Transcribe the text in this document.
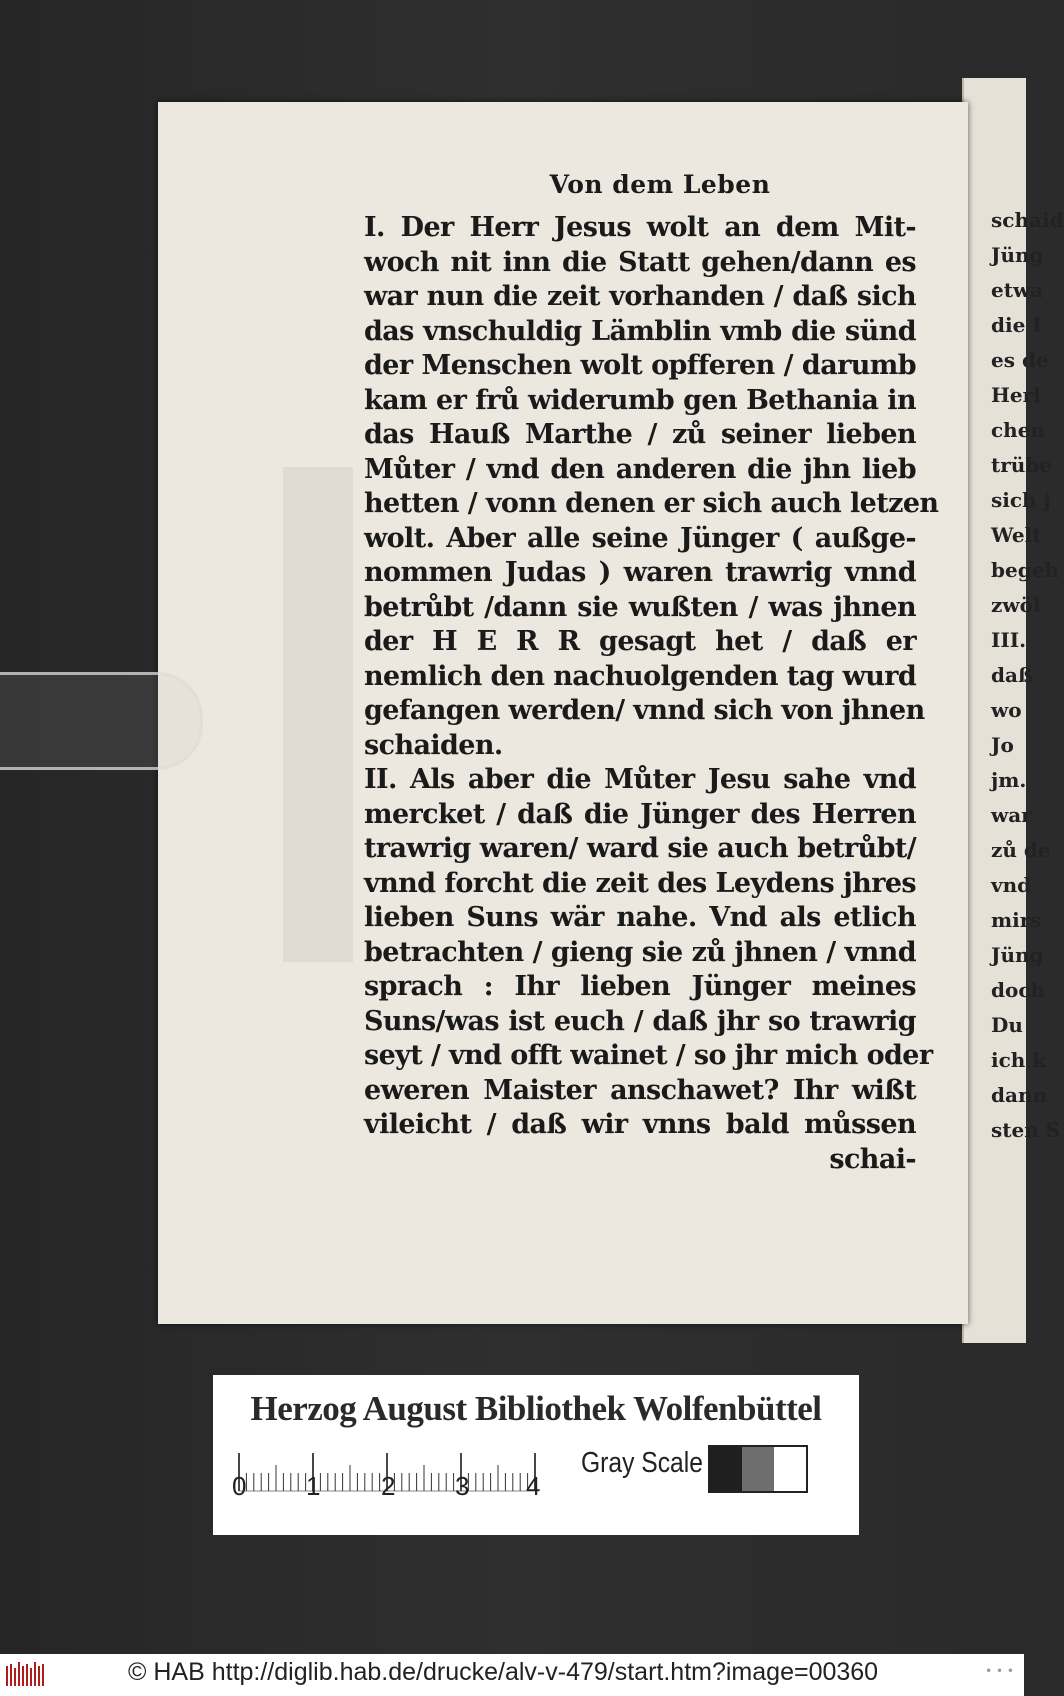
schaid
Jüng
etwa
die I
es de
Herl
chen
trübe
sich j
Welt
begeh
zwöl
III.
daß
wo
Jo
jm.
war
zů de
vnd
mirs
Jüng
doch
Du
ich k
dann
sten S
Von dem Leben
I. Der Herr Jesus wolt an dem Mit-
woch nit inn die Statt gehen/dann es
war nun die zeit vorhanden / daß sich
das vnschuldig Lämblin vmb die sünd
der Menschen wolt opfferen / darumb
kam er frů widerumb gen Bethania in
das Hauß Marthe / zů seiner lieben
Můter / vnd den anderen die jhn lieb
hetten / vonn denen er sich auch letzen
wolt. Aber alle seine Jünger ( außge-
nommen Judas ) waren trawrig vnnd
betrůbt /dann sie wußten / was jhnen
der H E R R gesagt het / daß er
nemlich den nachuolgenden tag wurd
gefangen werden/ vnnd sich von jhnen
schaiden.
II. Als aber die Můter Jesu sahe vnd
mercket / daß die Jünger des Herren
trawrig waren/ ward sie auch betrůbt/
vnnd forcht die zeit des Leydens jhres
lieben Suns wär nahe. Vnd als etlich
betrachten / gieng sie zů jhnen / vnnd
sprach : Ihr lieben Jünger meines
Suns/was ist euch / daß jhr so trawrig
seyt / vnd offt wainet / so jhr mich oder
eweren Maister anschawet? Ihr wißt
vileicht / daß wir vnns bald můssen
schai-
Herzog August Bibliothek Wolfenbüttel
0 1 2 3 4
Gray Scale
© HAB http://diglib.hab.de/drucke/alv-v-479/start.htm?image=00360	• • •
